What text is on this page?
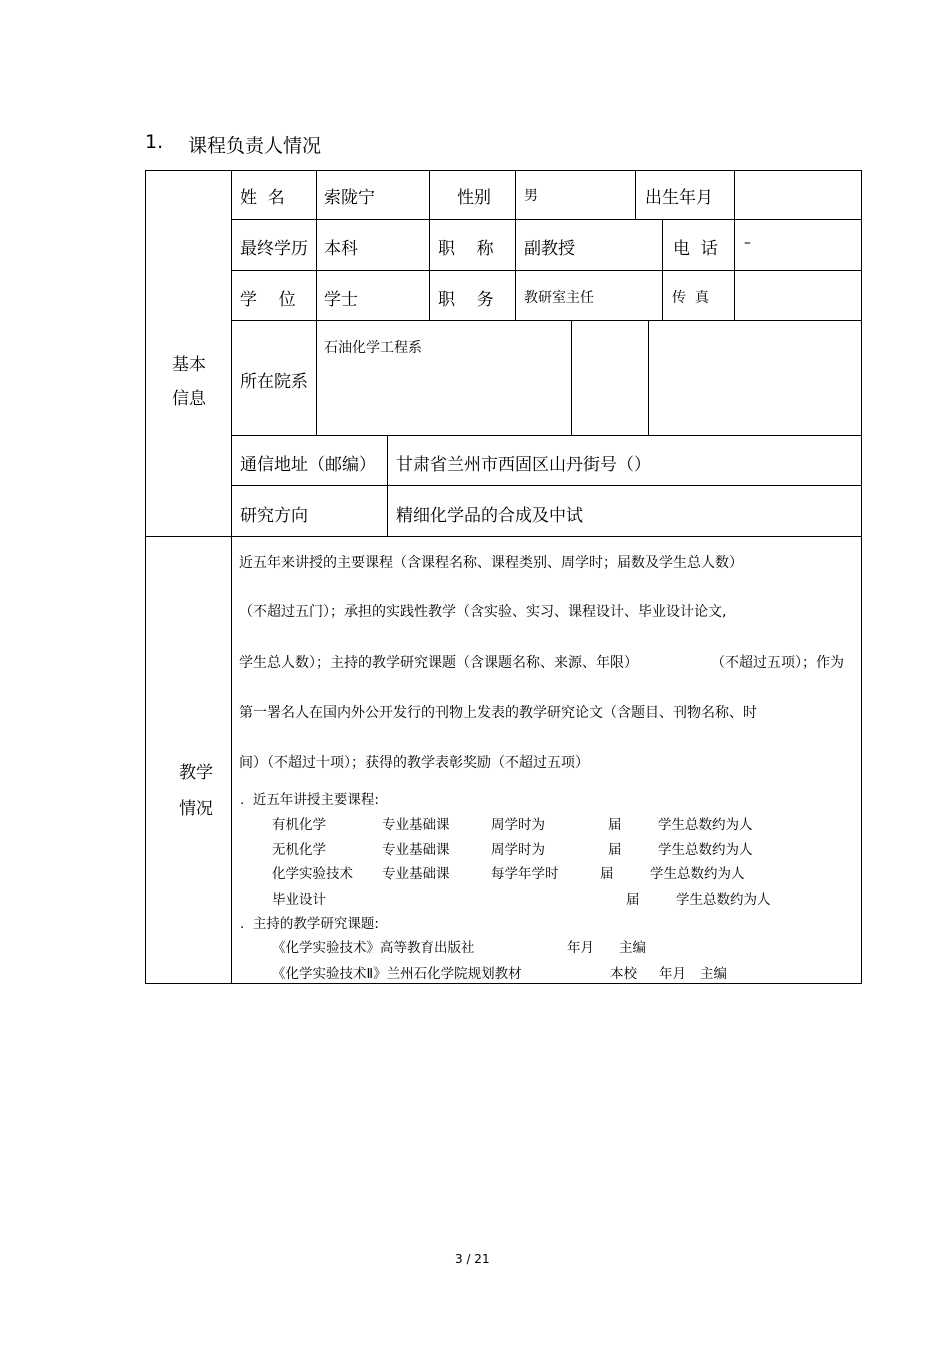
1. 课程负责人情况
基本
信息
姓  名 索陇宁	性别 男	出生年月
最终学历 本科	职    称 副教授	电  话 –
学    位 学士	职    务 教研室主任	传  真
所在院系
石油化学工程系
通信地址（邮编） 甘肃省兰州市西固区山丹街号（）
研究方向	精细化学品的合成及中试
教学
情况
近五年来讲授的主要课程（含课程名称、课程类别、周学时；届数及学生总人数）
（不超过五门）；承担的实践性教学（含实验、实习、课程设计、毕业设计论文,
学生总人数）；主持的教学研究课题（含课题名称、来源、年限）	（不超过五项）；作为
第一署名人在国内外公开发行的刊物上发表的教学研究论文（含题目、刊物名称、时
间）（不超过十项）；获得的教学表彰奖励（不超过五项）
.  近五年讲授主要课程:
有机化学	专业基础课	周学时为	届	学生总数约为人
无机化学	专业基础课	周学时为	届	学生总数约为人
化学实验技术 专业基础课	每学年学时	届	学生总数约为人
毕业设计	届	学生总数约为人
.  主持的教学研究课题:
《化学实验技术》高等教育出版社	年月 主编
《化学实验技术Ⅱ》兰州石化学院规划教材	本校 年月 主编
3 / 21
